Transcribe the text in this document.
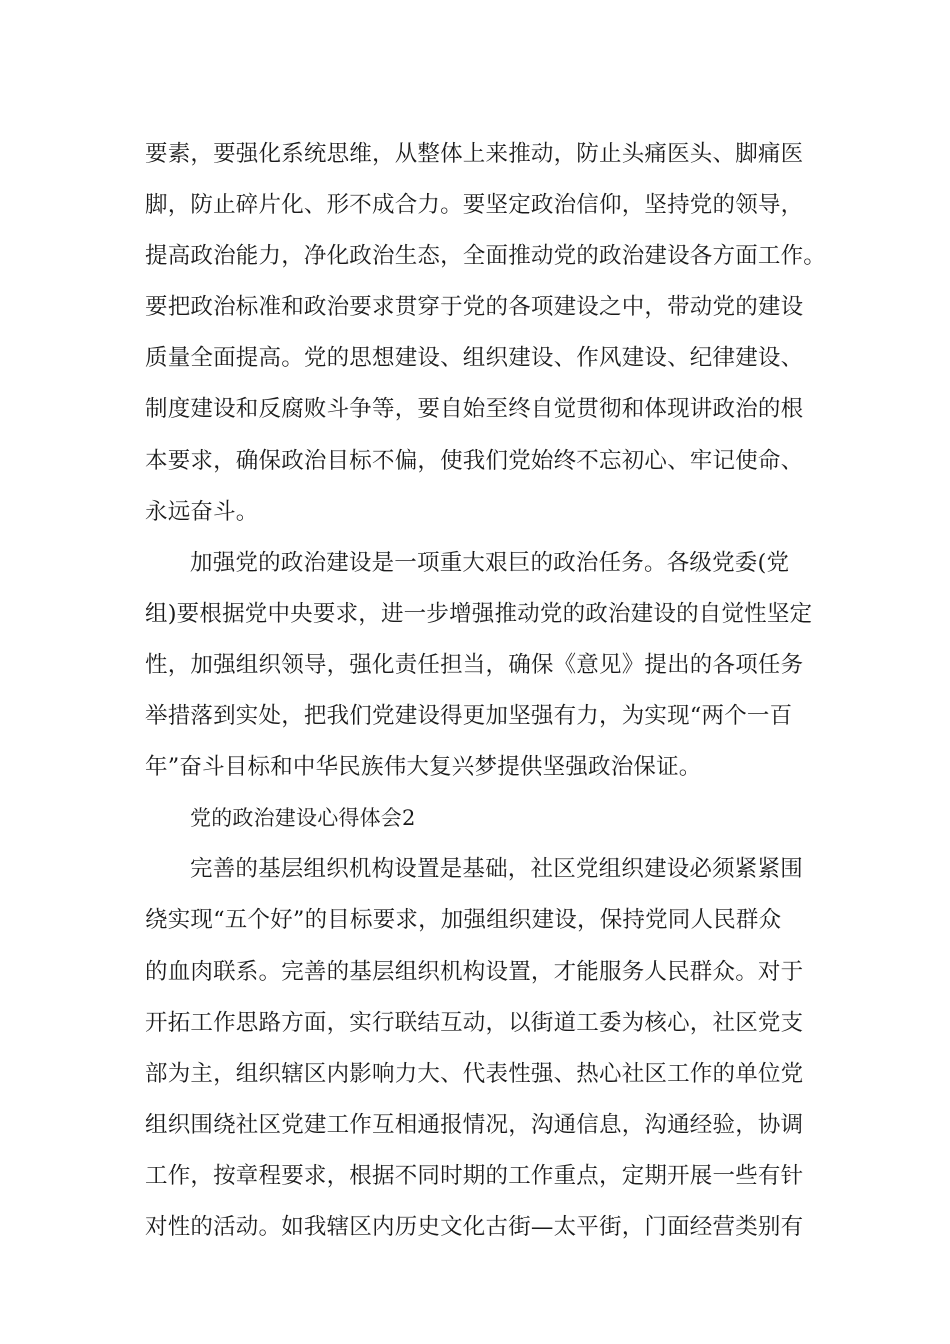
要素，要强化系统思维，从整体上来推动，防止头痛医头、脚痛医
脚，防止碎片化、形不成合力。要坚定政治信仰，坚持党的领导，
提高政治能力，净化政治生态，全面推动党的政治建设各方面工作。
要把政治标准和政治要求贯穿于党的各项建设之中，带动党的建设
质量全面提高。党的思想建设、组织建设、作风建设、纪律建设、
制度建设和反腐败斗争等，要自始至终自觉贯彻和体现讲政治的根
本要求，确保政治目标不偏，使我们党始终不忘初心、牢记使命、
永远奋斗。
加强党的政治建设是一项重大艰巨的政治任务。各级党委(党
组)要根据党中央要求，进一步增强推动党的政治建设的自觉性坚定
性，加强组织领导，强化责任担当，确保《意见》提出的各项任务
举措落到实处，把我们党建设得更加坚强有力，为实现“两个一百
年”奋斗目标和中华民族伟大复兴梦提供坚强政治保证。
党的政治建设心得体会2
完善的基层组织机构设置是基础，社区党组织建设必须紧紧围
绕实现“五个好”的目标要求，加强组织建设，保持党同人民群众
的血肉联系。完善的基层组织机构设置，才能服务人民群众。对于
开拓工作思路方面，实行联结互动，以街道工委为核心，社区党支
部为主，组织辖区内影响力大、代表性强、热心社区工作的单位党
组织围绕社区党建工作互相通报情况，沟通信息，沟通经验，协调
工作，按章程要求，根据不同时期的工作重点，定期开展一些有针
对性的活动。如我辖区内历史文化古街—太平街，门面经营类别有
